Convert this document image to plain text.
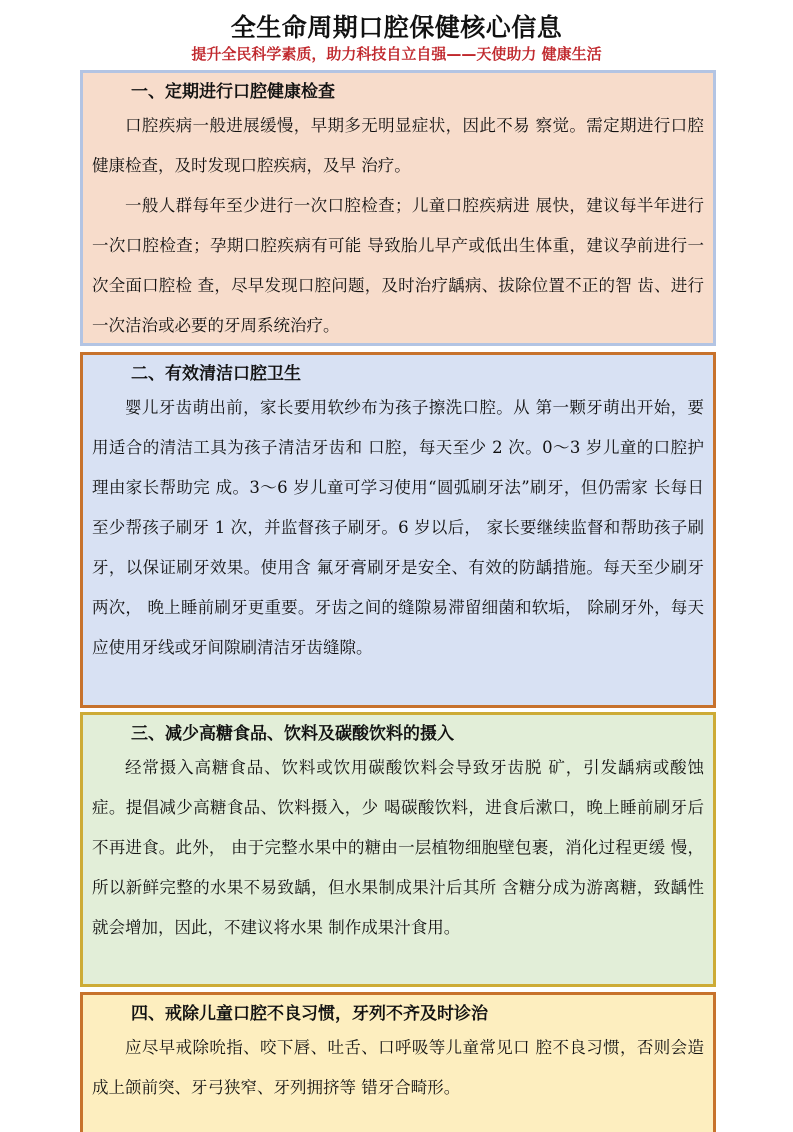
全生命周期口腔保健核心信息
提升全民科学素质，助力科技自立自强——天使助力 健康生活
一、定期进行口腔健康检查

口腔疾病一般进展缓慢，早期多无明显症状，因此不易 察觉。需定期进行口腔健康检查，及时发现口腔疾病，及早 治疗。

一般人群每年至少进行一次口腔检查；儿童口腔疾病进 展快，建议每半年进行一次口腔检查；孕期口腔疾病有可能 导致胎儿早产或低出生体重，建议孕前进行一次全面口腔检 查，尽早发现口腔问题，及时治疗龋病、拔除位置不正的智 齿、进行一次洁治或必要的牙周系统治疗。

二、有效清洁口腔卫生

婴儿牙齿萌出前，家长要用软纱布为孩子擦洗口腔。从 第一颗牙萌出开始，要用适合的清洁工具为孩子清洁牙齿和 口腔，每天至少 2 次。0～3 岁儿童的口腔护理由家长帮助完 成。3～6 岁儿童可学习使用“圆弧刷牙法”刷牙，但仍需家 长每日至少帮孩子刷牙 1 次，并监督孩子刷牙。6 岁以后， 家长要继续监督和帮助孩子刷牙，以保证刷牙效果。使用含 氟牙膏刷牙是安全、有效的防龋措施。每天至少刷牙两次， 晚上睡前刷牙更重要。牙齿之间的缝隙易滞留细菌和软垢， 除刷牙外，每天应使用牙线或牙间隙刷清洁牙齿缝隙。

三、减少高糖食品、饮料及碳酸饮料的摄入

经常摄入高糖食品、饮料或饮用碳酸饮料会导致牙齿脱 矿，引发龋病或酸蚀症。提倡减少高糖食品、饮料摄入，少 喝碳酸饮料，进食后漱口，晚上睡前刷牙后不再进食。此外， 由于完整水果中的糖由一层植物细胞壁包裹，消化过程更缓 慢，所以新鲜完整的水果不易致龋，但水果制成果汁后其所 含糖分成为游离糖，致龋性就会增加，因此，不建议将水果 制作成果汁食用。

四、戒除儿童口腔不良习惯，牙列不齐及时诊治

应尽早戒除吮指、咬下唇、吐舌、口呼吸等儿童常见口 腔不良习惯，否则会造成上颌前突、牙弓狭窄、牙列拥挤等 错牙合畸形。
